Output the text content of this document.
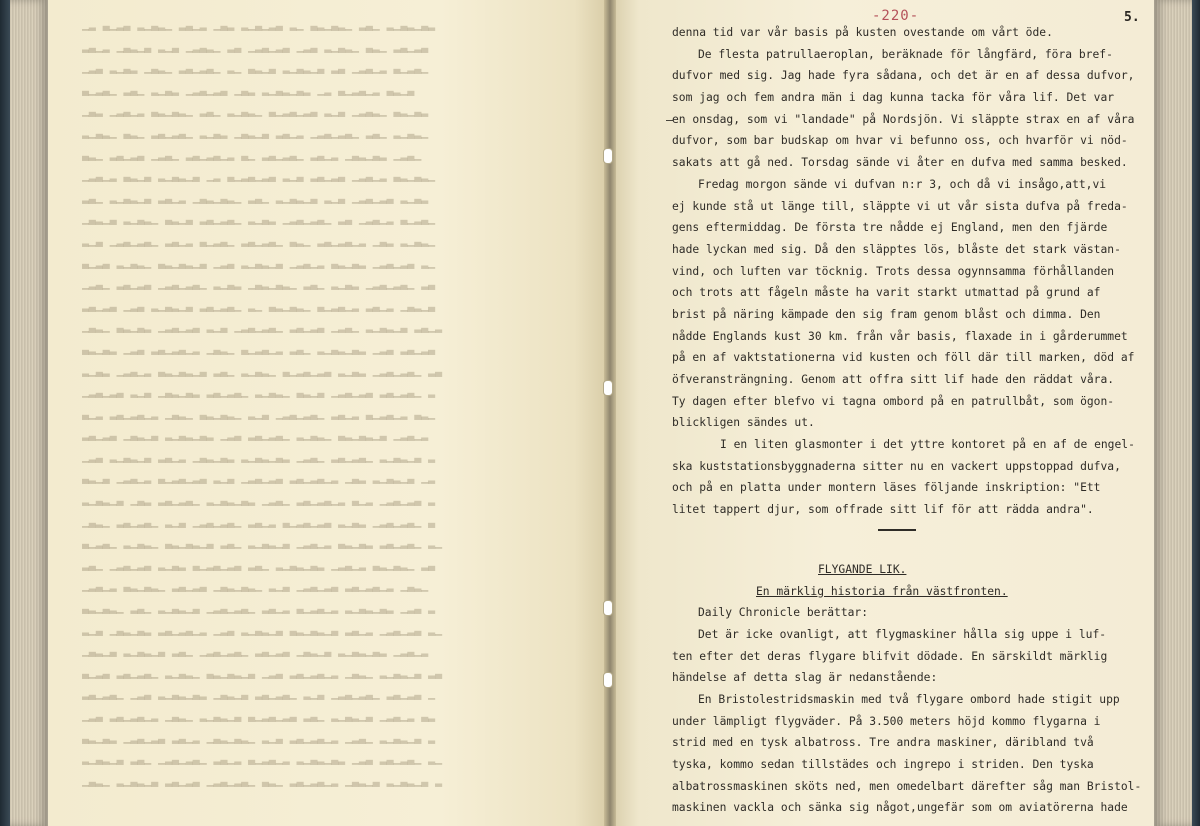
▁▂ ▃▁▂▃ ▂▁▃▂▁ ▂▃▁▂ ▁▃▂ ▂▁▃▁▂▃ ▂▁ ▃▂▁▃▂▁ ▂▃▁ ▂▁▃▂▁▃▂
▂▃▁▂ ▁▃▂▁▃ ▂▁▃ ▁▂▃▂▁ ▂▃ ▁▂▃▁▂▃ ▁▂▃ ▂▁▃▂▁ ▃▂▁ ▂▃▁▂▃
▁▂▃ ▂▁▃▂ ▁▃▂▁ ▂▃▁▂▃▁ ▂▁ ▃▂▁▃ ▂▁▃▂▁▃ ▂▃ ▁▂▃▁▂ ▃▁▂▃▁
▃▁▂▃▁ ▂▃▁ ▂▁▃▂ ▁▂▃▁▂▃ ▁▃▂ ▂▁▃▂▁▃▂ ▁▂ ▃▁▂▃▁▂ ▃▂▁▃
▁▃▂ ▁▂▃▁▂ ▃▂▁▃▂▁ ▂▃▁ ▂▁▃▂▁ ▃▁▂▃▁▂▃ ▂▁▃ ▁▂▃▂▁ ▃▂▁▃▂
▂▁▃▂▁ ▃▂▁ ▂▃▁▂▃▁ ▂▁▃▂ ▁▃▂▁▃ ▂▃▁▂ ▁▂▃▁▂▃▁ ▂▃▁ ▂▁▃▂▁
▃▂▁ ▂▃▁▂▃ ▁▂▃▁ ▂▃▁▂▃▁▂ ▃▁ ▂▃▁▂▃▁ ▂▃▁▂ ▁▃▂▁▃▂ ▁▂▃▁
▁▂▃▁▂ ▃▂▁▃ ▂▁▃▂▁▃ ▁▂ ▃▁▂▃▁▂▃ ▂▁▃ ▂▃▁▂▃ ▁▂▃▁▂ ▃▂▁▃▂▁
▂▃▁ ▂▁▃▂▁▃ ▂▃▁▂ ▁▃▂▁▃▂▁ ▂▃▁ ▂▁▃▂▁▃ ▂▁▃ ▁▂▃▁▂▃ ▂▁▃▂
▁▃▂▁▃ ▂▁▃▂▁ ▃▂▁▃ ▂▃▁▂▃▁ ▂▁▃▂ ▁▂▃▁▂▃▁ ▂▃ ▁▂▃▁▂ ▃▁▂▃▁
▂▁▃ ▁▂▃▁▂▃▁ ▂▃▁▂ ▃▁▂▃▁ ▂▃▁▂▃▁ ▃▂▁ ▂▃▁▂▃▁▂ ▁▃▂ ▂▁▃▂▁
▃▁▂▃ ▂▁▃▂▁ ▃▂▁▃▂▁▃ ▁▂▃ ▂▁▃▂▁▃ ▁▂▃▁▂ ▃▂▁▃▂ ▁▂▃▁▂▃ ▂▁
▁▂▃▁ ▂▃▁▂▃ ▁▂▃▁▂▃▁ ▂▁▃▂ ▁▃▂▁▃▂▁ ▂▃▁ ▂▁▃▂ ▁▂▃▁▂▃▁ ▂▃
▂▃▁▂▃ ▁▂▃ ▂▁▃▂▁▃ ▂▃▁▂▃▁ ▂▁ ▃▂▁▃▂▁ ▃▁▂▃▁▂ ▂▃▁▂ ▁▃▂▁▃
▁▃▂▁ ▃▂▁▃▂ ▁▂▃▁▂▃ ▂▁▃ ▁▂▃▁▂▃▁ ▂▃▁▂▃ ▁▂▃▁ ▂▁▃▂▁▃ ▂▃▁▂
▃▂▁▃▂ ▁▂▃ ▂▃▁▂▃▁▂ ▁▃▂▁ ▃▁▂▃▁▂ ▂▃▁ ▂▁▃▂▁▃▂ ▁▂▃ ▂▃▁▂▃
▂▁▃▂ ▁▂▃▁▂ ▃▂▁▃▂▁▃ ▂▃▁ ▂▁▃▂▁ ▃▁▂▃▁▂▃ ▂▁▃▂ ▁▂▃▁▂▃▁ ▂▃
▁▂▃▁▂▃ ▂▁▃ ▁▃▂▁▃▂ ▂▃▁▂▃▁ ▂▁▃▂▁ ▃▂▁▃ ▁▂▃▁▂▃ ▂▃▁▂▃▁ ▂
▃▁▂ ▂▃▁▂▃▁▂ ▁▃▂▁ ▃▂▁▃▂▁ ▂▁▃ ▁▂▃▁▂▃▁ ▂▃▁▂ ▃▁▂▃▁▂ ▃▂▁
▂▃▁▂▃ ▁▃▂▁▃ ▂▁▃▂▁▃▂ ▁▂▃ ▂▃▁▂▃▁ ▂▁▃▂▁ ▃▂▁▃▂▁▃ ▁▂▃▁▂
▁▂▃ ▂▁▃▂▁▃ ▂▃▁▂ ▁▃▂▁▃▂ ▂▁▃▂▁▃▂ ▁▂▃▁ ▂▃▁▂▃▁ ▂▁▃▂▁▃ ▂
▃▂▁▃ ▁▂▃▁▂ ▃▁▂▃▁▂▃ ▂▁▃ ▁▂▃▁▂▃ ▂▃▁▂▃▁▂ ▁▃▂ ▂▁▃▂▁▃ ▁▂
▂▁▃▂▁▃ ▁▃▂ ▂▃▁▂▃▁ ▂▁▃▂▁▃▂ ▁▂▃▁ ▂▃▁▂▃▁▂ ▃▁▂ ▁▂▃▁▂▃ ▂
▁▃▂▁ ▂▃▁▂▃▁ ▂▁▃ ▁▂▃▁▂▃▁ ▂▃▁▂ ▃▁▂▃▁▂▃ ▂▁▃▂ ▁▂▃▁▂▃▁ ▃
▃▁▂▃▁ ▂▁▃▂▁ ▃▂▁▃▂▁▃ ▂▃▁ ▂▁▃▂▁▃ ▁▂▃▁▂ ▃▂▁▃▂ ▂▃▁▂▃▁ ▂▁
▂▃▁ ▁▂▃▁▂▃ ▂▁▃▂ ▃▁▂▃▁▂▃ ▂▃▁ ▂▁▃▂▁▃▂ ▁▂▃▁▂ ▃▂▁▃▂▁ ▂▃
▁▂▃▁▂ ▃▂▁▃▂▁ ▂▃▁▂▃ ▁▃▂▁▃▂▁ ▂▁▃ ▁▂▃▁▂▃ ▂▃▁▂▃▁▂ ▁▃▂▁
▃▂▁▃▂▁ ▂▃▁ ▂▁▃▂▁▃ ▁▂▃▁▂▃▁ ▂▃▁▂ ▃▁▂▃▁▂ ▂▁▃▂▁▃▂ ▁▂▃ ▂
▂▁▃ ▁▃▂▁▃▂ ▂▃▁▂▃▁▂ ▁▂▃ ▂▁▃▂▁▃ ▃▂▁▃▂▁▃ ▂▃▁▂ ▁▂▃▁▂▃ ▂▁
▁▃▂▁▃ ▂▁▃▂▁▃ ▂▃▁ ▁▂▃▁▂▃▁ ▂▃▁▂▃ ▁▃▂▁▃ ▂▁▃▂▁▃▂ ▁▂▃▁▂
▃▁▂▃ ▂▃▁▂▃▁ ▂▁▃▂▁ ▃▂▁▃▂▁▃ ▁▂▃ ▂▃▁▂▃▁▂ ▁▃▂▁ ▂▁▃▂▁▃ ▂▃
▂▃▁▂▃▁ ▁▂▃ ▂▁▃▂▁▃▂ ▁▃▂▁▃ ▂▃▁▂▃▁ ▂▁▃ ▁▂▃▁▂▃▁ ▂▃▁▂▃ ▁
▁▂▃ ▂▃▁▂▃▁▂ ▁▃▂▁ ▂▁▃▂▁▃ ▃▁▂▃▁▂▃ ▂▃▁ ▂▁▃▂▁▃ ▁▂▃▁▂ ▃▂
▃▂▁▃▂ ▁▂▃▁▂▃ ▂▃▁▂ ▁▃▂▁▃▂▁ ▂▁▃ ▂▃▁▂▃▁▂ ▁▂▃▁ ▂▁▃▂▁▃ ▂
▂▁▃▂▁▃ ▂▃▁ ▁▂▃▁▂▃▁ ▂▃▁▂ ▃▁▂▃▁▂ ▂▁▃▂▁▃▂ ▁▂▃ ▂▃▁▂▃▁ ▂▁
▁▃▂▁ ▂▁▃▂▁▃ ▂▃▁▂▃ ▁▂▃▁▂▃▁ ▃▂▁ ▂▃▁▂▃▁▂ ▁▃▂▁▃ ▂▁▃▂▁▃ ▂
-220-	5.
–
denna tid var vår basis på kusten ovestande om vårt öde.
De flesta patrullaeroplan, beräknade för långfärd, föra bref-
dufvor med sig. Jag hade fyra sådana, och det är en af dessa dufvor,
som jag och fem andra män i dag kunna tacka för våra lif. Det var
en onsdag, som vi "landade" på Nordsjön. Vi släppte strax en af våra
dufvor, som bar budskap om hvar vi befunno oss, och hvarför vi nöd-
sakats att gå ned. Torsdag sände vi åter en dufva med samma besked.
Fredag morgon sände vi dufvan n:r 3, och då vi insågo,att,vi
ej kunde stå ut länge till, släppte vi ut vår sista dufva på freda-
gens eftermiddag. De första tre nådde ej England, men den fjärde
hade lyckan med sig. Då den släpptes lös, blåste det stark västan-
vind, och luften var töcknig. Trots dessa ogynnsamma förhållanden
och trots att fågeln måste ha varit starkt utmattad på grund af
brist på näring kämpade den sig fram genom blåst och dimma. Den
nådde Englands kust 30 km. från vår basis, flaxade in i gårderummet
på en af vaktstationerna vid kusten och föll där till marken, död af
öfveransträngning. Genom att offra sitt lif hade den räddat våra.
Ty dagen efter blefvo vi tagna ombord på en patrullbåt, som ögon-
blickligen sändes ut.
I en liten glasmonter i det yttre kontoret på en af de engel-
ska kuststationsbyggnaderna sitter nu en vackert uppstoppad dufva,
och på en platta under montern läses följande inskription: "Ett
litet tappert djur, som offrade sitt lif för att rädda andra".
FLYGANDE LIK.
En märklig historia från västfronten.
Daily Chronicle berättar:
Det är icke ovanligt, att flygmaskiner hålla sig uppe i luf-
ten efter det deras flygare blifvit dödade. En särskildt märklig
händelse af detta slag är nedanstående:
En Bristolestridsmaskin med två flygare ombord hade stigit upp
under lämpligt flygväder. På 3.500 meters höjd kommo flygarna i
strid med en tysk albatross. Tre andra maskiner, däribland två
tyska, kommo sedan tillstädes och ingrepo i striden. Den tyska
albatrossmaskinen sköts ned, men omedelbart därefter såg man Bristol-
maskinen vackla och sänka sig något,ungefär som om aviatörerna hade
